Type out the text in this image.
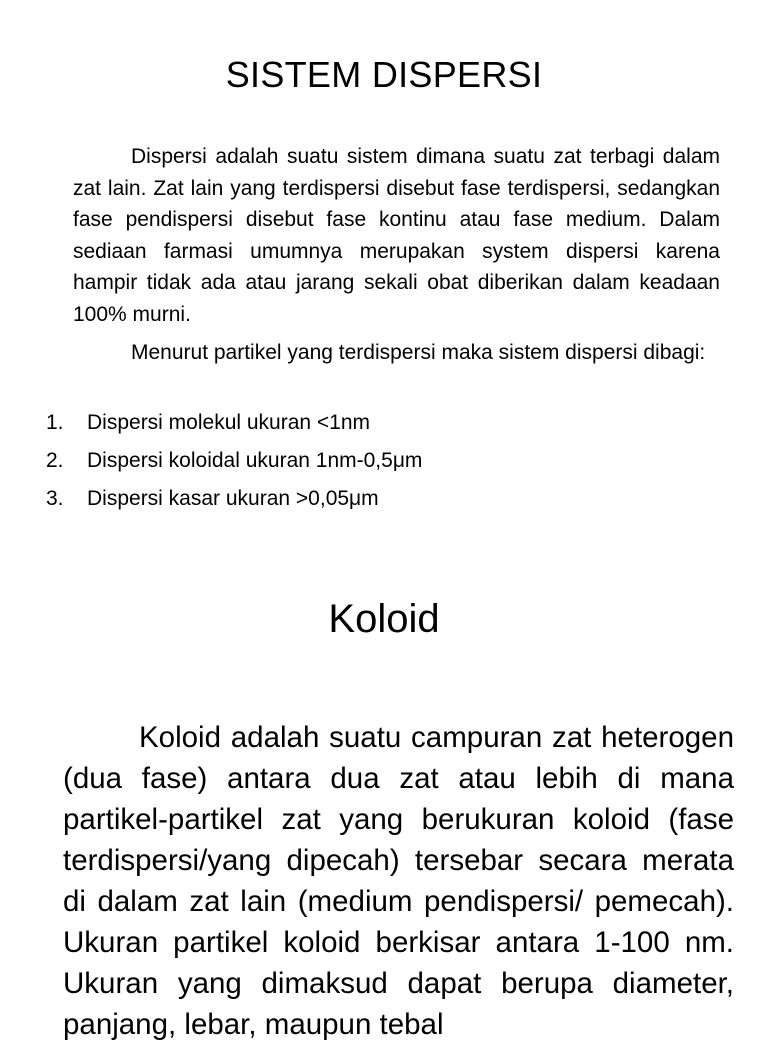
SISTEM DISPERSI

Dispersi adalah suatu sistem dimana suatu zat terbagi dalam zat lain. Zat lain yang terdispersi disebut fase terdispersi, sedangkan fase pendispersi disebut fase kontinu atau fase medium. Dalam sediaan farmasi umumnya merupakan system dispersi karena hampir tidak ada atau jarang sekali obat diberikan dalam keadaan 100% murni.

Menurut partikel yang terdispersi maka sistem dispersi dibagi:

1.	Dispersi molekul ukuran <1nm
2.	Dispersi koloidal ukuran 1nm-0,5μm
3.	Dispersi kasar ukuran >0,05μm
Koloid

Koloid adalah suatu campuran zat heterogen (dua fase) antara dua zat atau lebih di mana partikel-partikel zat yang berukuran koloid (fase terdispersi/yang dipecah) tersebar secara merata di dalam zat lain (medium pendispersi/ pemecah). Ukuran partikel koloid berkisar antara 1-100 nm. Ukuran yang dimaksud dapat berupa diameter, panjang, lebar, maupun tebal
